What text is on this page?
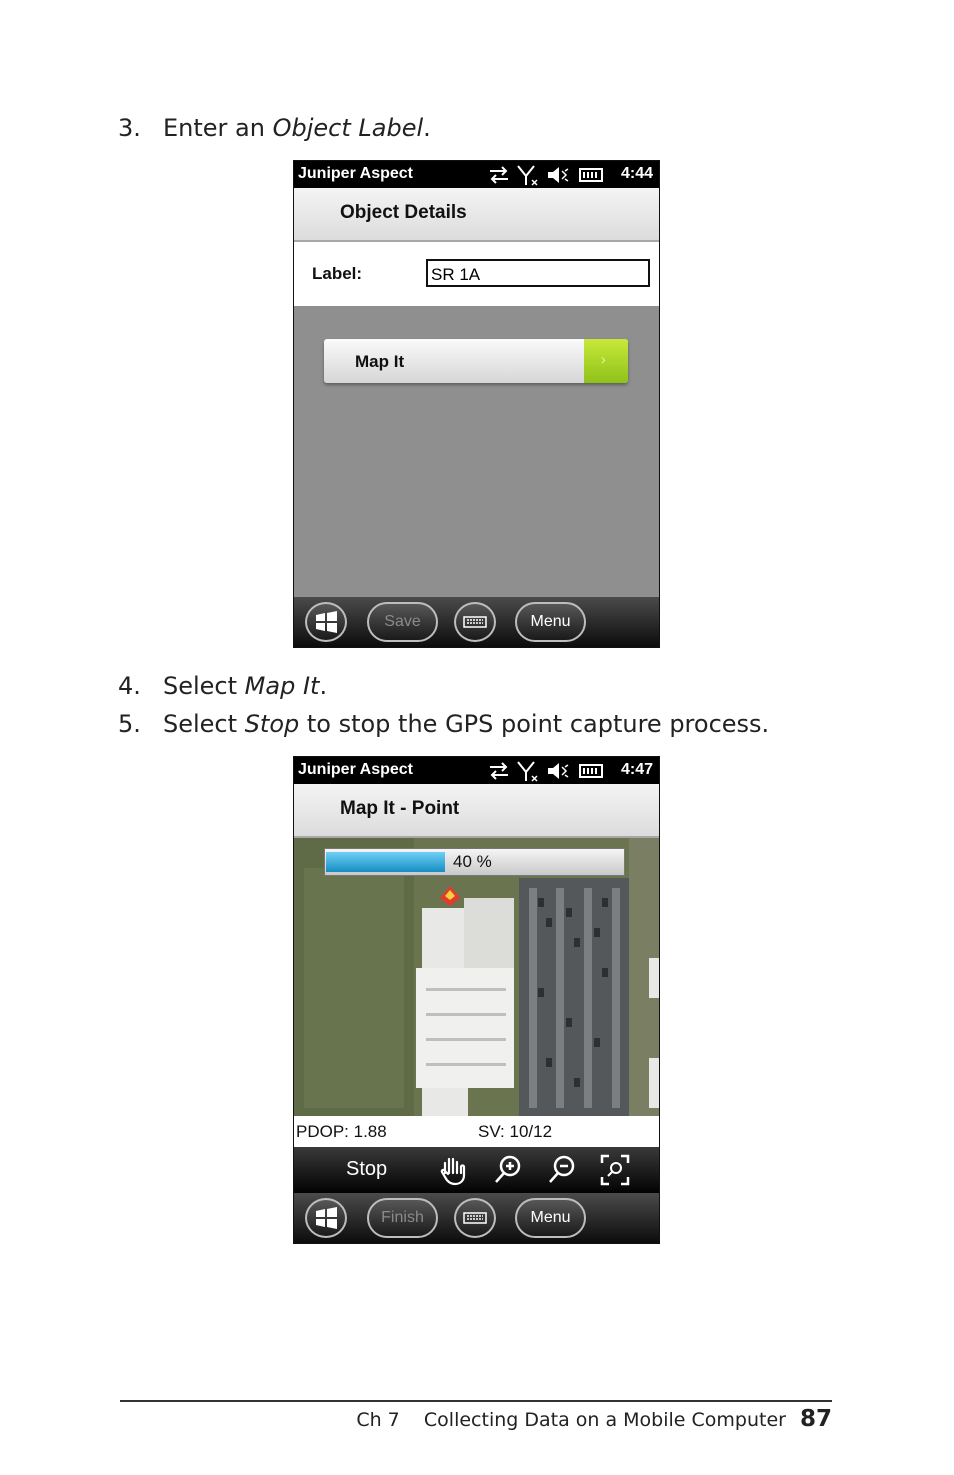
3. Enter an Object Label.
Juniper Aspect	4:44
Object Details
Label:	SR 1A
Map It	›
Save	Menu
4. Select Map It.
5. Select Stop to stop the GPS point capture process.
Juniper Aspect	4:47
Map It - Point
40 %
PDOP: 1.88	SV: 10/12
Stop
Finish	Menu
Ch 7    Collecting Data on a Mobile Computer 87
